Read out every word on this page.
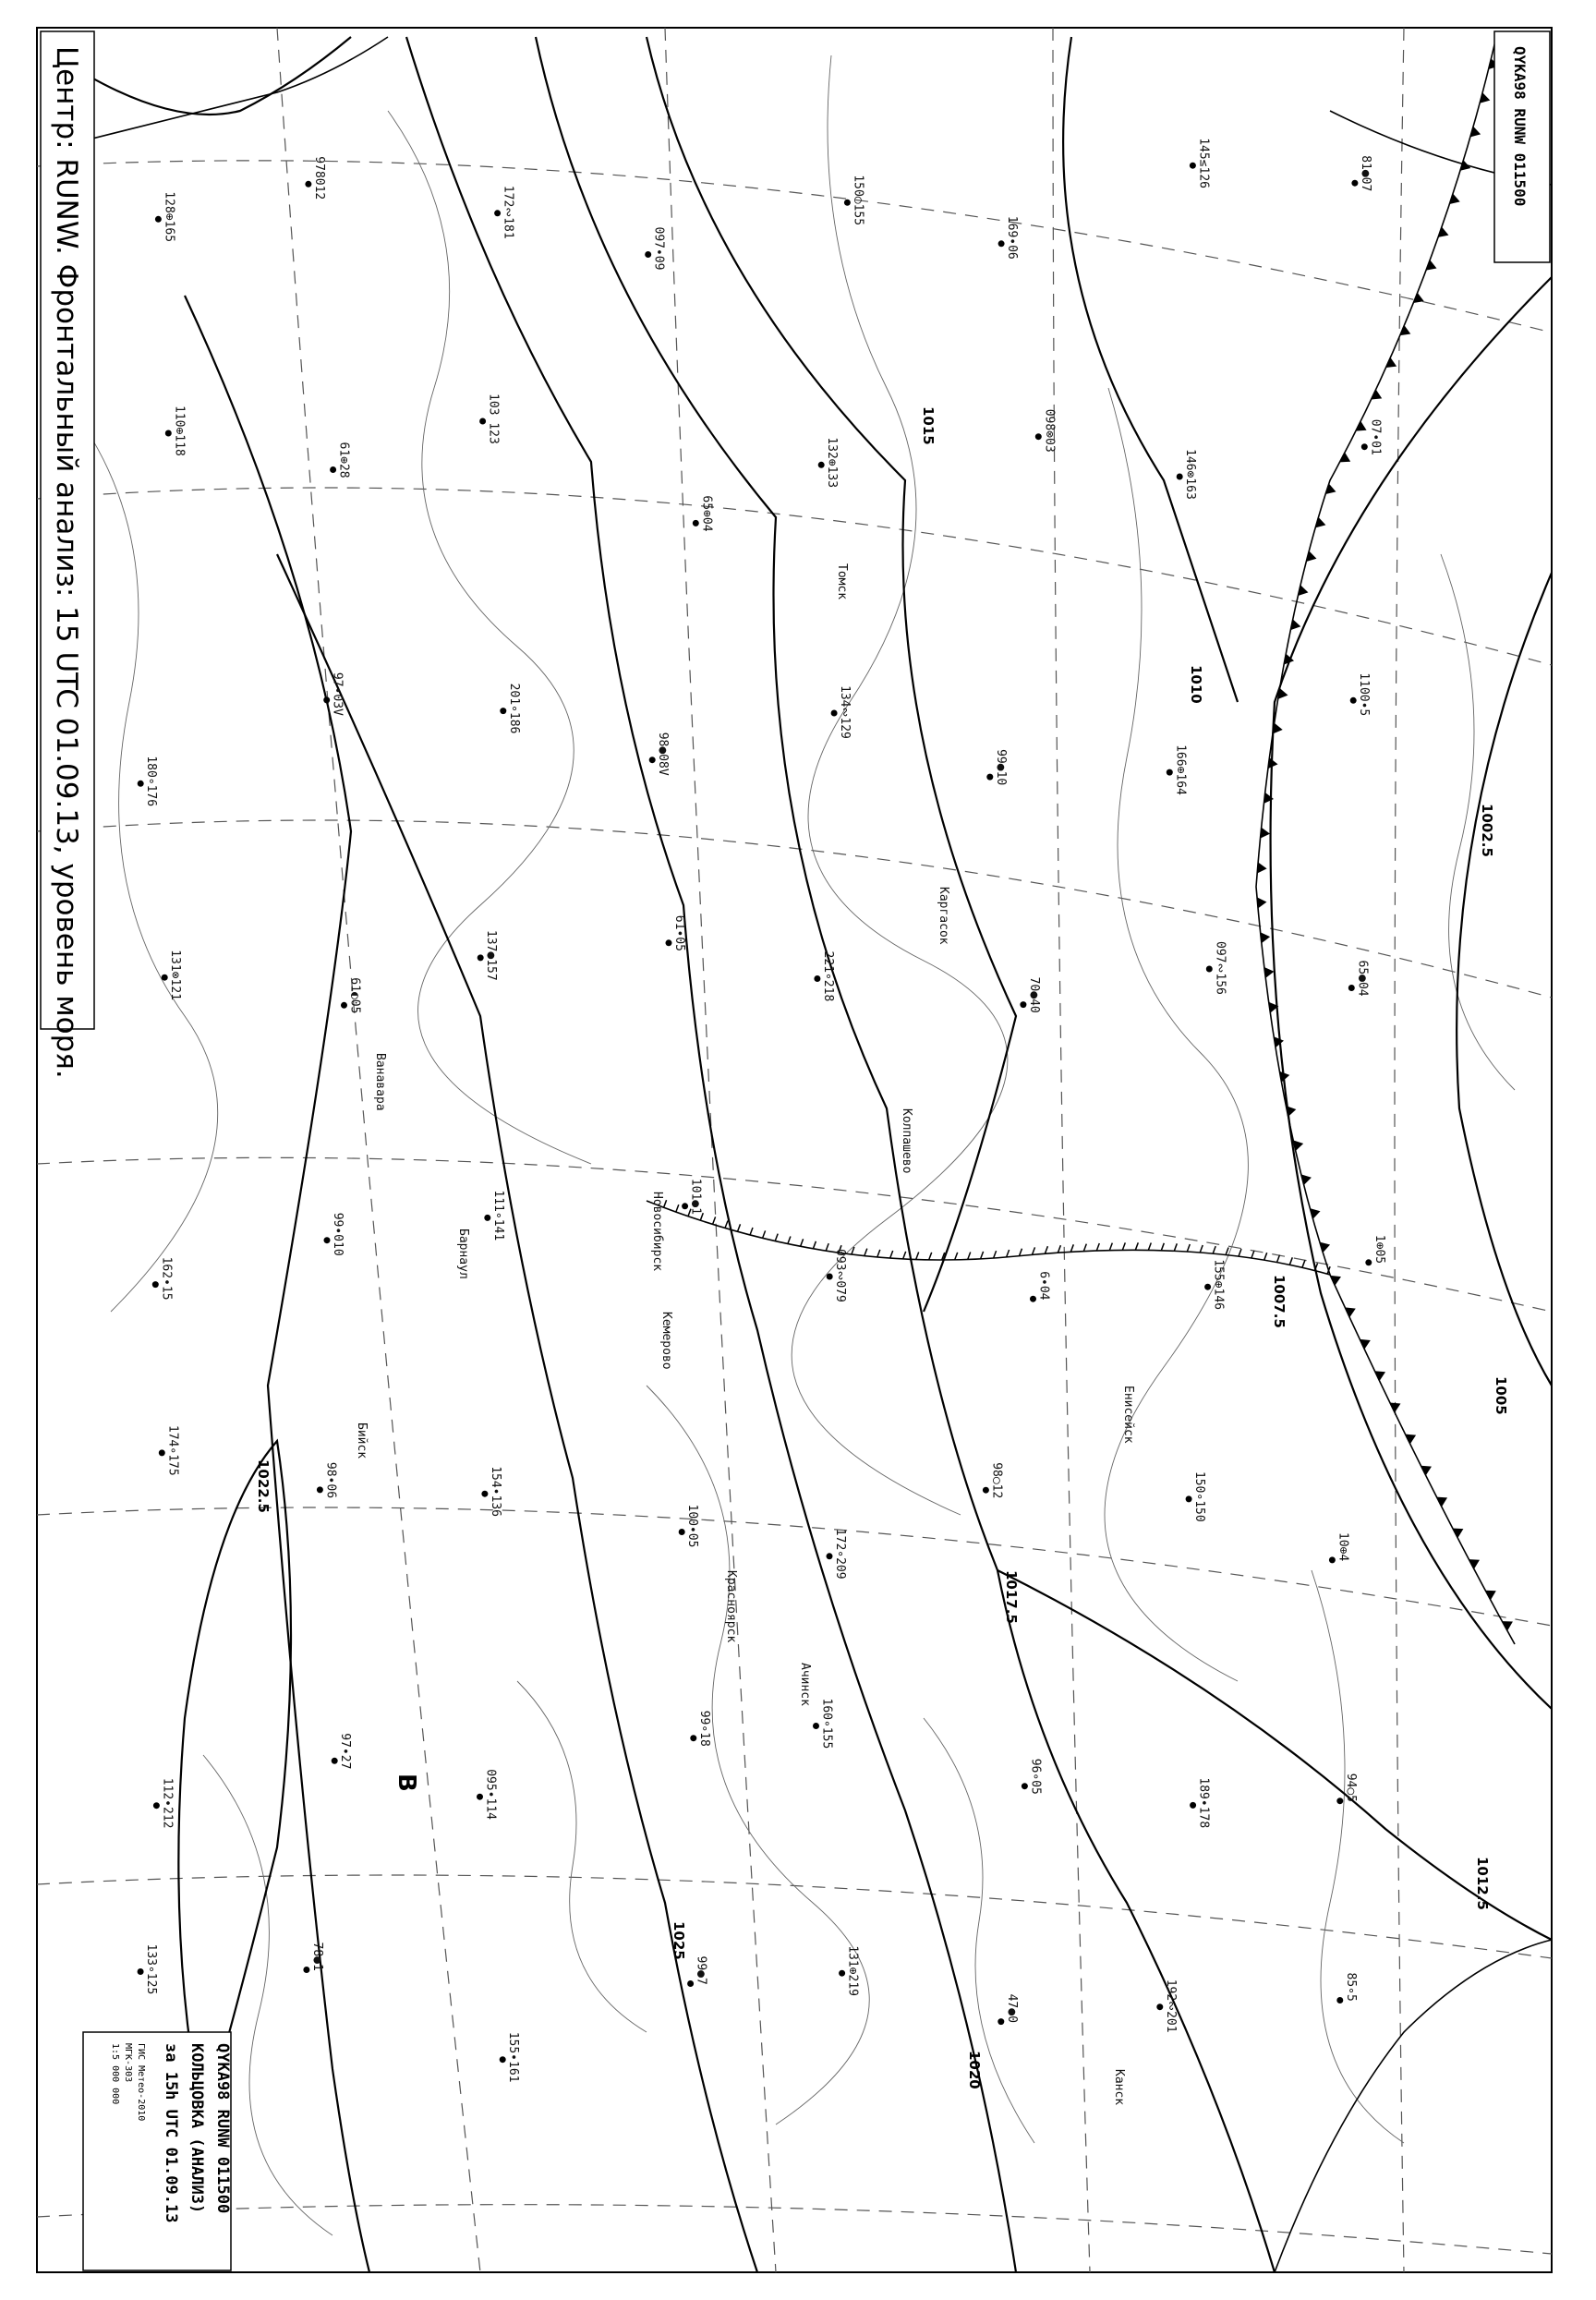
1015
1010
1007.5
1005
1017.5
1012.5
1020
1025
1022.5
1002.5
В
128⊕165
978012
172∾181
097∙09
150○155
169∙06
145≤126	81●07
110⊕118
61⊕28
103 123
65⊕04
132⊕133
098⊗03
146⊗163
07∙01
180∘176
97∙03V	201∘186
98●08V
134∾129
99●10	166⊕164
1100∙5
131⊗121	61◐05
137●157	61∙05
221∘218	70●40
097∾156	65●04
162∙15
99∙010	111∘141	101●1
093∾079	6∙04	155⊕146
1⊕05
174∘175
98∙06	154∙136
100∙05
172∘209
98○12	150∘150
10⊕4
112∙212
97∙27
095∙114
99∘18	160∘155
96∘05
189∙178	94○5
133∘125	78●1
155∙161
99●7	131⊕219
47●0	192∾201	85∘5
Томск
Новосибирск
Кемерово
Барнаул
Красноярск
Колпашево
Каргасок
Ачинск
Ванавара
Бийск
Канск
Енисейск
Центр: RUNW. Фронтальный анализ: 15 UTC 01.09.13, уровень моря.	QYKA98 RUNW 011500
QYKA98 RUNW 011500
КОЛЬЦОВКА (АНАЛИЗ)
за 15h UTC 01.09.13
ГИС Метео-2010
МГК-303
1:5 000 000
